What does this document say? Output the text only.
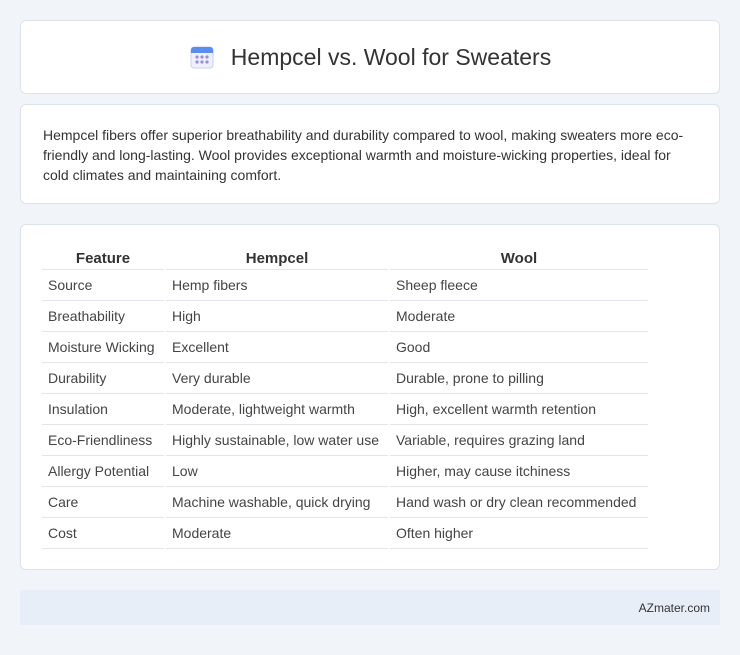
Hempcel vs. Wool for Sweaters

Hempcel fibers offer superior breathability and durability compared to wool, making sweaters more eco-friendly and long-lasting. Wool provides exceptional warmth and moisture-wicking properties, ideal for cold climates and maintaining comfort.

Feature	Hempcel	Wool
Source	Hemp fibers	Sheep fleece
Breathability	High	Moderate
Moisture Wicking	Excellent	Good
Durability	Very durable	Durable, prone to pilling
Insulation	Moderate, lightweight warmth	High, excellent warmth retention
Eco-Friendliness	Highly sustainable, low water use	Variable, requires grazing land
Allergy Potential	Low	Higher, may cause itchiness
Care	Machine washable, quick drying	Hand wash or dry clean recommended
Cost	Moderate	Often higher
AZmater.com
